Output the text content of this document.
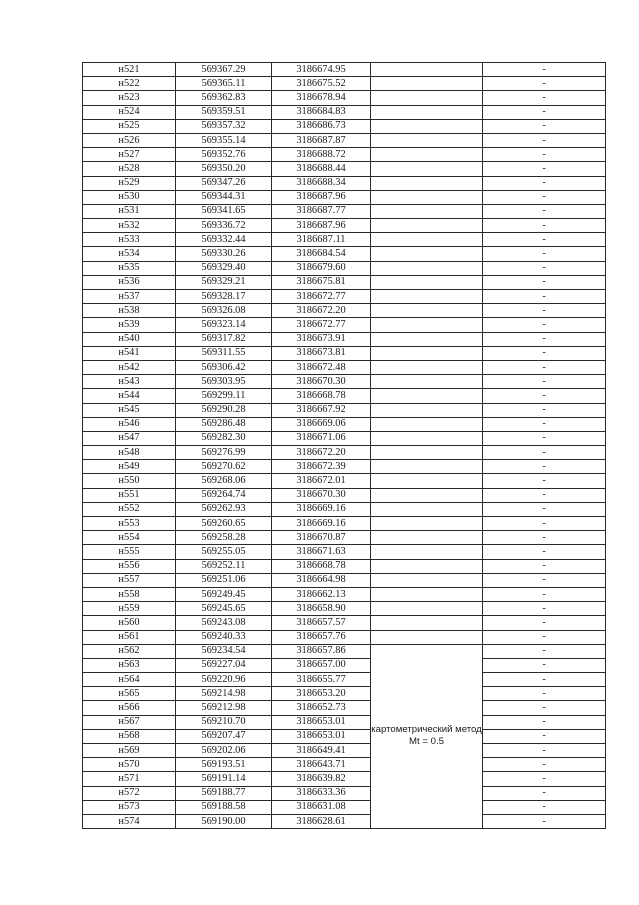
н521	569367.29	3186674.95		-
н522	569365.11	3186675.52		-
н523	569362.83	3186678.94		-
н524	569359.51	3186684.83		-
н525	569357.32	3186686.73		-
н526	569355.14	3186687.87		-
н527	569352.76	3186688.72		-
н528	569350.20	3186688.44		-
н529	569347.26	3186688.34		-
н530	569344.31	3186687.96		-
н531	569341.65	3186687.77		-
н532	569336.72	3186687.96		-
н533	569332.44	3186687.11		-
н534	569330.26	3186684.54		-
н535	569329.40	3186679.60		-
н536	569329.21	3186675.81		-
н537	569328.17	3186672.77		-
н538	569326.08	3186672.20		-
н539	569323.14	3186672.77		-
н540	569317.82	3186673.91		-
н541	569311.55	3186673.81		-
н542	569306.42	3186672.48		-
н543	569303.95	3186670.30		-
н544	569299.11	3186668.78		-
н545	569290.28	3186667.92		-
н546	569286.48	3186669.06		-
н547	569282.30	3186671.06		-
н548	569276.99	3186672.20		-
н549	569270.62	3186672.39		-
н550	569268.06	3186672.01		-
н551	569264.74	3186670.30		-
н552	569262.93	3186669.16		-
н553	569260.65	3186669.16		-
н554	569258.28	3186670.87		-
н555	569255.05	3186671.63		-
н556	569252.11	3186668.78		-
н557	569251.06	3186664.98		-
н558	569249.45	3186662.13		-
н559	569245.65	3186658.90		-
н560	569243.08	3186657.57		-
н561	569240.33	3186657.76		-
н562	569234.54	3186657.86	картометрический метод Mt = 0.5	-
н563	569227.04	3186657.00		-
н564	569220.96	3186655.77		-
н565	569214.98	3186653.20		-
н566	569212.98	3186652.73		-
н567	569210.70	3186653.01		-
н568	569207.47	3186653.01		-
н569	569202.06	3186649.41		-
н570	569193.51	3186643.71		-
н571	569191.14	3186639.82		-
н572	569188.77	3186633.36		-
н573	569188.58	3186631.08		-
н574	569190.00	3186628.61		-
